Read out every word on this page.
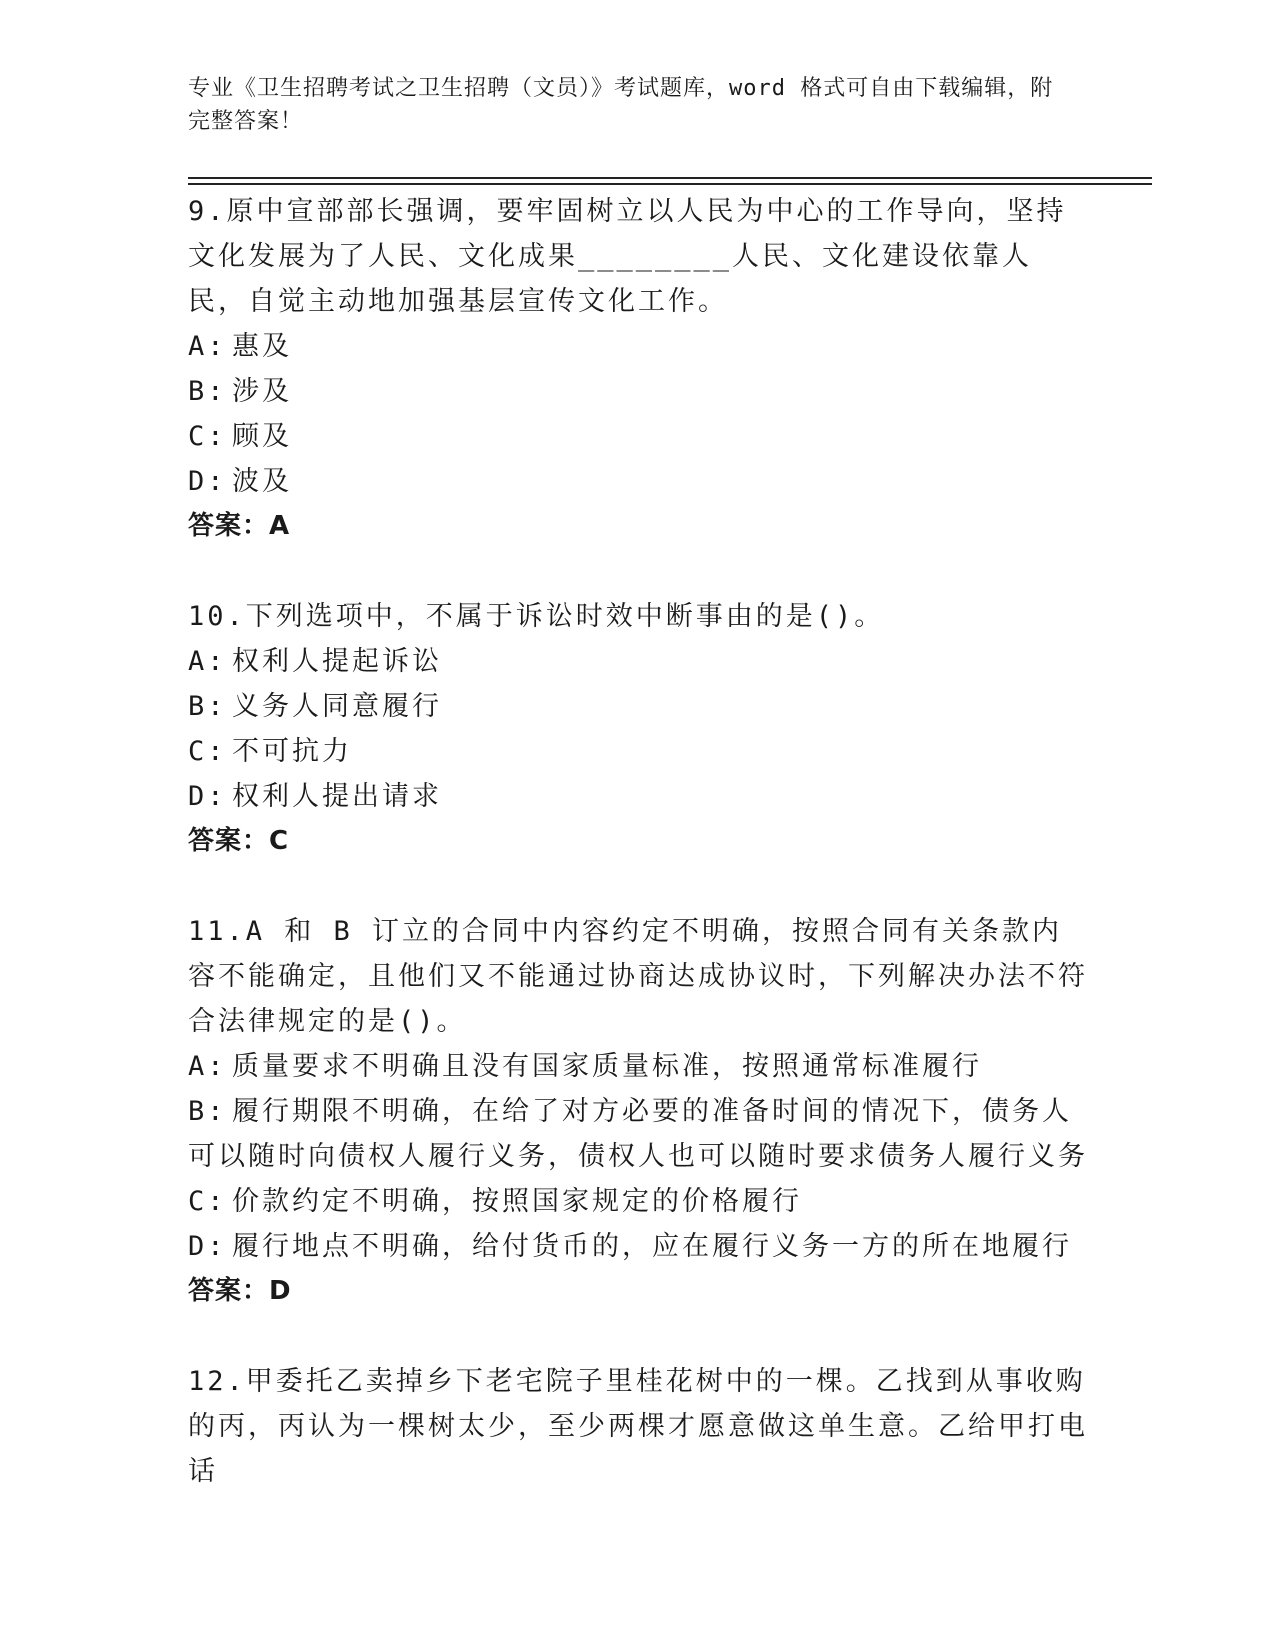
专业《卫生招聘考试之卫生招聘（文员）》考试题库，word 格式可自由下载编辑，附完整答案！

9.原中宣部部长强调，要牢固树立以人民为中心的工作导向，坚持文化发展为了人民、文化成果________人民、文化建设依靠人民，自觉主动地加强基层宣传文化工作。

A: 惠及

B: 涉及

C: 顾及

D: 波及

答案：A

10.下列选项中，不属于诉讼时效中断事由的是()。

A: 权利人提起诉讼

B: 义务人同意履行

C: 不可抗力

D: 权利人提出请求

答案：C

11.A 和 B 订立的合同中内容约定不明确，按照合同有关条款内容不能确定，且他们又不能通过协商达成协议时，下列解决办法不符合法律规定的是()。

A: 质量要求不明确且没有国家质量标准，按照通常标准履行

B: 履行期限不明确，在给了对方必要的准备时间的情况下，债务人可以随时向债权人履行义务，债权人也可以随时要求债务人履行义务

C: 价款约定不明确，按照国家规定的价格履行

D: 履行地点不明确，给付货币的，应在履行义务一方的所在地履行

答案：D

12.甲委托乙卖掉乡下老宅院子里桂花树中的一棵。乙找到从事收购的丙，丙认为一棵树太少，至少两棵才愿意做这单生意。乙给甲打电话
